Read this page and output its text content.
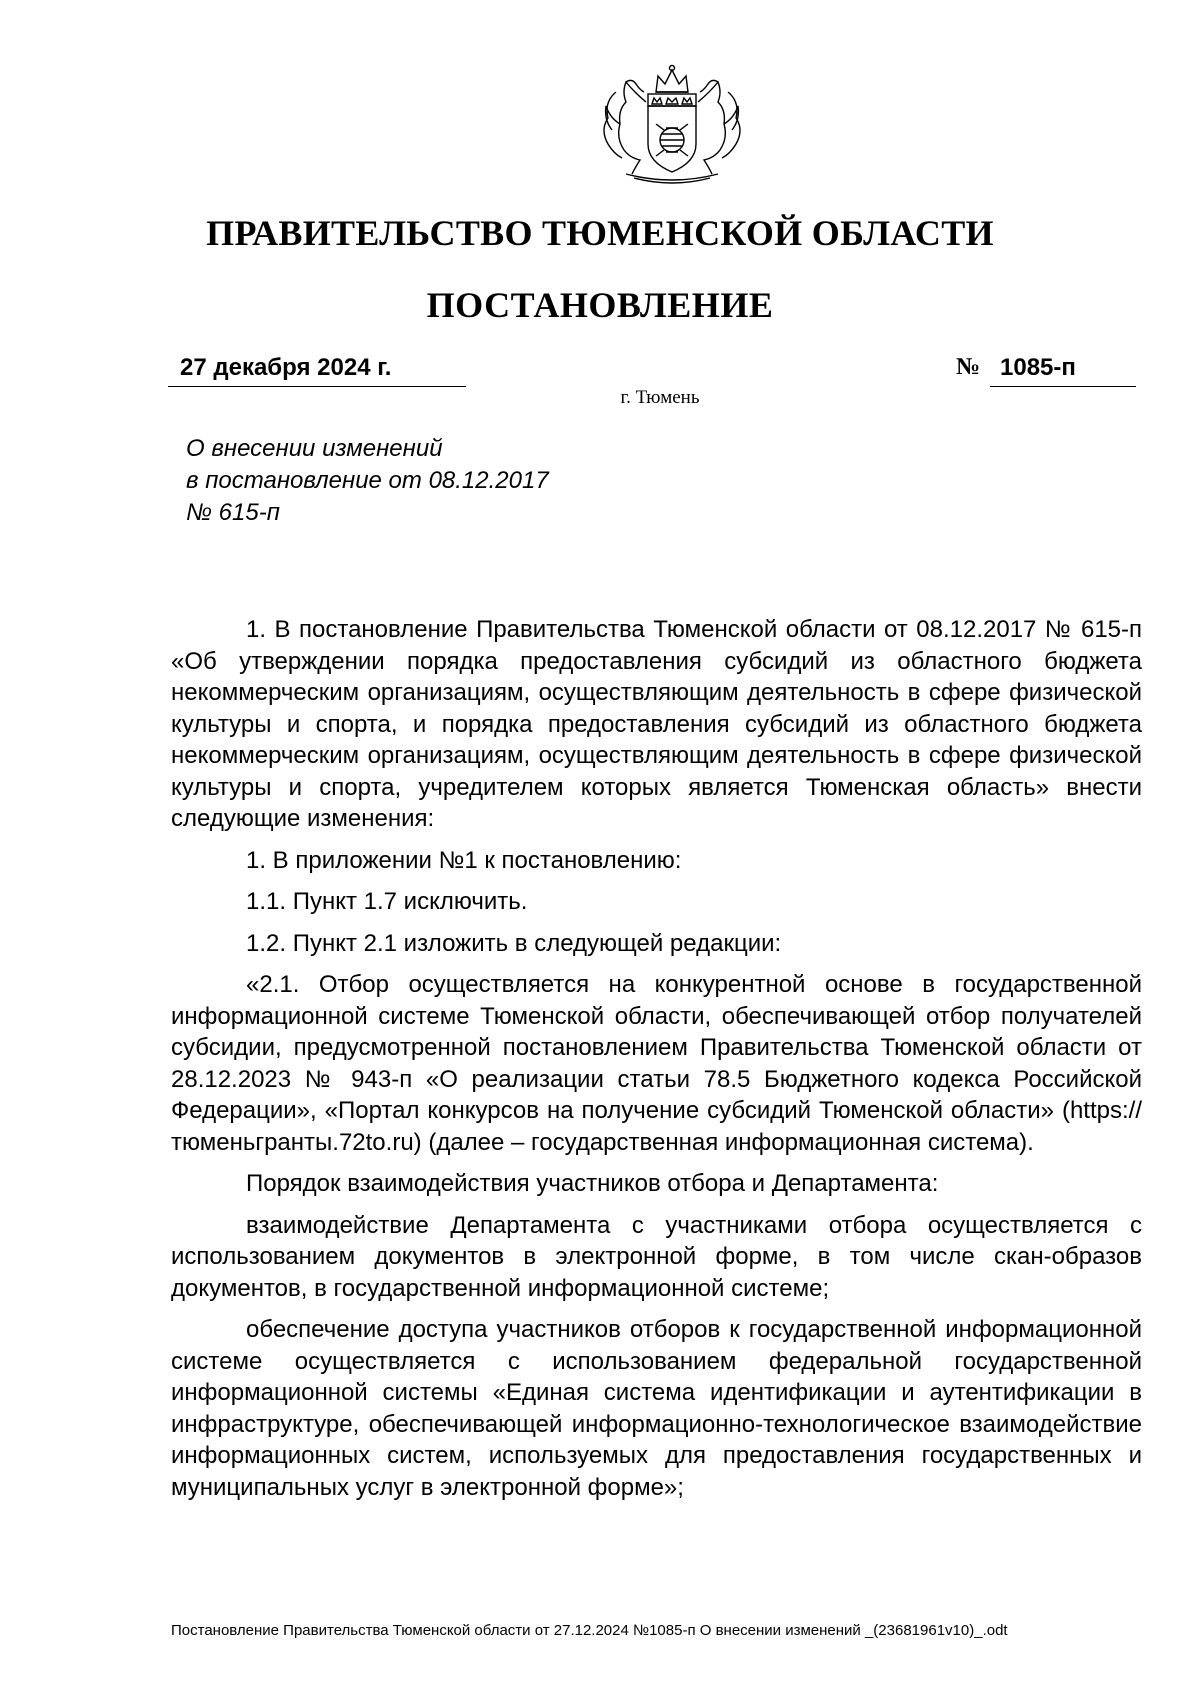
ПРАВИТЕЛЬСТВО ТЮМЕНСКОЙ ОБЛАСТИ
ПОСТАНОВЛЕНИЕ
27 декабря 2024 г.	№ 1085-п
г. Тюмень
О внесении изменений
в постановление от 08.12.2017
№ 615-п

1. В постановление Правительства Тюменской области от 08.12.2017 № 615-п «Об утверждении порядка предоставления субсидий из областного бюджета некоммерческим организациям, осуществляющим деятельность в сфере физической культуры и спорта, и порядка предоставления субсидий из областного бюджета некоммерческим организациям, осуществляющим деятельность в сфере физической культуры и спорта, учредителем которых является Тюменская область» внести следующие изменения:

1. В приложении №1 к постановлению:

1.1. Пункт 1.7 исключить.

1.2. Пункт 2.1 изложить в следующей редакции:

«2.1. Отбор осуществляется на конкурентной основе в государственной информационной системе Тюменской области, обеспечивающей отбор получателей субсидии, предусмотренной постановлением Правительства Тюменской области от 28.12.2023 № 943-п «О реализации статьи 78.5 Бюджетного кодекса Российской Федерации», «Портал конкурсов на получение субсидий Тюменской области» (https://тюменьгранты.72to.ru) (далее – государственная информационная система).

Порядок взаимодействия участников отбора и Департамента:

взаимодействие Департамента с участниками отбора осуществляется с использованием документов в электронной форме, в том числе скан-образов документов, в государственной информационной системе;

обеспечение доступа участников отборов к государственной информационной системе осуществляется с использованием федеральной государственной информационной системы «Единая система идентификации и аутентификации в инфраструктуре, обеспечивающей информационно-технологическое взаимодействие информационных систем, используемых для предоставления государственных и муниципальных услуг в электронной форме»;

Постановление Правительства Тюменской области от 27.12.2024 №1085-п О внесении изменений _(23681961v10)_.odt
